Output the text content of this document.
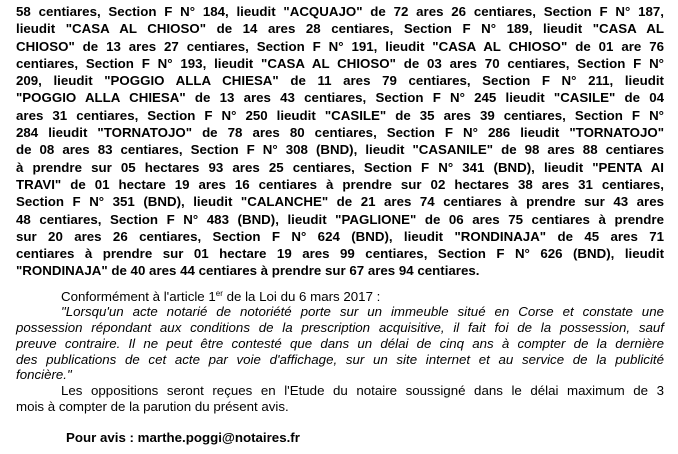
58 centiares, Section F N° 184, lieudit "ACQUAJO" de 72 ares 26 centiares, Section F N° 187,
lieudit "CASA AL CHIOSO" de 14 ares 28 centiares, Section F N° 189, lieudit "CASA AL
CHIOSO" de 13 ares 27 centiares, Section F N° 191, lieudit "CASA AL CHIOSO" de 01 are 76
centiares, Section F N° 193, lieudit "CASA AL CHIOSO" de 03 ares 70 centiares, Section F N°
209, lieudit "POGGIO ALLA CHIESA" de 11 ares 79 centiares, Section F N° 211, lieudit
"POGGIO ALLA CHIESA" de 13 ares 43 centiares, Section F N° 245 lieudit "CASILE" de 04
ares 31 centiares, Section F N° 250 lieudit "CASILE" de 35 ares 39 centiares, Section F N°
284 lieudit "TORNATOJO" de 78 ares 80 centiares, Section F N° 286 lieudit "TORNATOJO"
de 08 ares 83 centiares, Section F N° 308 (BND), lieudit "CASANILE" de 98 ares 88 centiares
à prendre sur 05 hectares 93 ares 25 centiares, Section F N° 341 (BND), lieudit "PENTA AI
TRAVI" de 01 hectare 19 ares 16 centiares à prendre sur 02 hectares 38 ares 31 centiares,
Section F N° 351 (BND), lieudit "CALANCHE" de 21 ares 74 centiares à prendre sur 43 ares
48 centiares, Section F N° 483 (BND), lieudit "PAGLIONE" de 06 ares 75 centiares à prendre
sur 20 ares 26 centiares, Section F N° 624 (BND), lieudit "RONDINAJA" de 45 ares 71
centiares à prendre sur 01 hectare 19 ares 99 centiares, Section F N° 626 (BND), lieudit
"RONDINAJA" de 40 ares 44 centiares à prendre sur 67 ares 94 centiares.
Conformément à l'article 1er de la Loi du 6 mars 2017 :
"Lorsqu'un acte notarié de notoriété porte sur un immeuble situé en Corse et constate une
possession répondant aux conditions de la prescription acquisitive, il fait foi de la possession, sauf
preuve contraire. Il ne peut être contesté que dans un délai de cinq ans à compter de la dernière
des publications de cet acte par voie d'affichage, sur un site internet et au service de la publicité
foncière."
Les oppositions seront reçues en l'Etude du notaire soussigné dans le délai maximum de 3
mois à compter de la parution du présent avis.
Pour avis : marthe.poggi@notaires.fr
